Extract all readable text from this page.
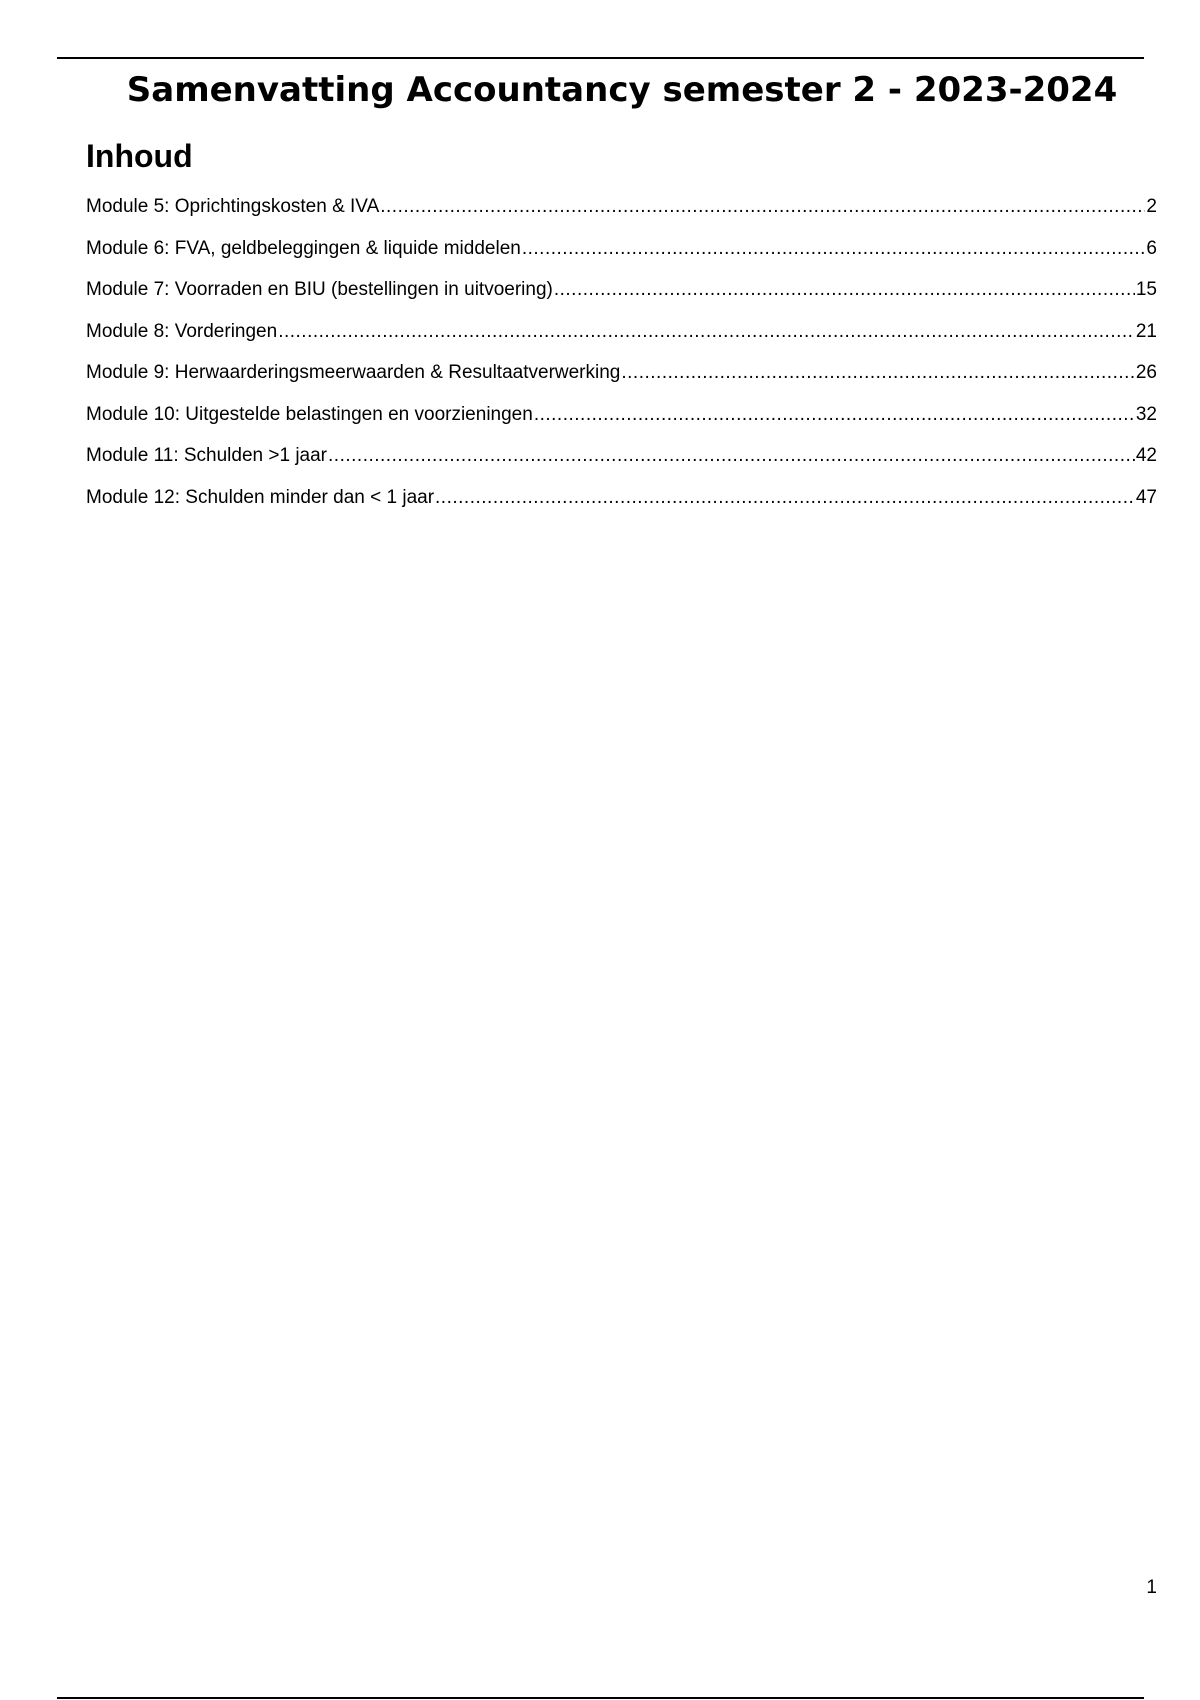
Samenvatting Accountancy semester 2 - 2023-2024
Inhoud
Module 5: Oprichtingskosten & IVA .....	2
Module 6: FVA, geldbeleggingen & liquide middelen .....	6
Module 7: Voorraden en BIU (bestellingen in uitvoering) .....	15
Module 8: Vorderingen .....	21
Module 9: Herwaarderingsmeerwaarden & Resultaatverwerking .....	26
Module 10: Uitgestelde belastingen en voorzieningen .....	32
Module 11: Schulden >1 jaar .....	42
Module 12: Schulden minder dan < 1 jaar .....	47
1
